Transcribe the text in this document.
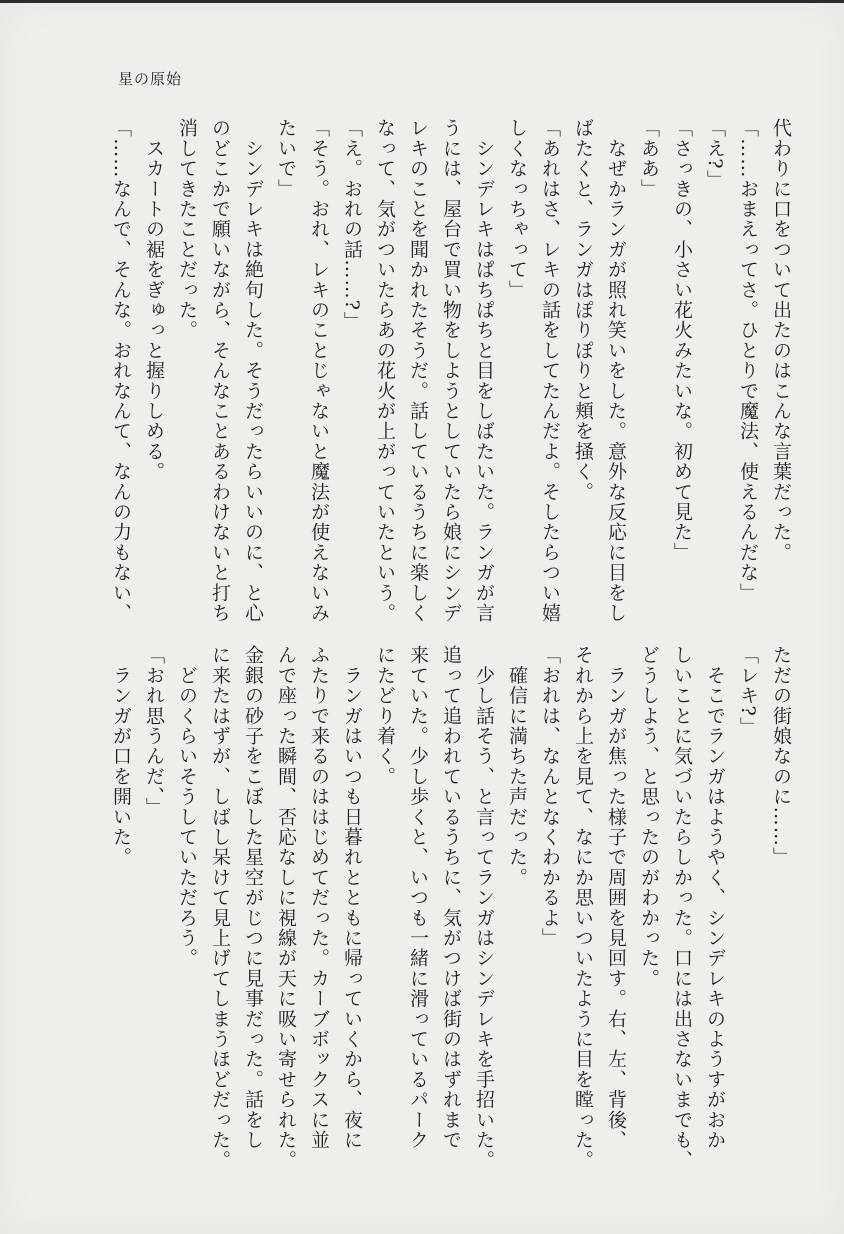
星の原始
代わりに口をついて出たのはこんな言葉だった。
「……おまえってさ。ひとりで魔法、使えるんだな」
「え?」
「さっきの、小さい花火みたいな。初めて見た」
「ああ」
　なぜかランガが照れ笑いをした。意外な反応に目をし
ばたくと、ランガはぽりぽりと頬を掻く。
「あれはさ、レキの話をしてたんだよ。そしたらつい嬉
しくなっちゃって」
　シンデレキはぱちぱちと目をしばたいた。ランガが言
うには、屋台で買い物をしようとしていたら娘にシンデ
レキのことを聞かれたそうだ。話しているうちに楽しく
なって、気がついたらあの花火が上がっていたという。
「え。おれの話……?」
「そう。おれ、レキのことじゃないと魔法が使えないみ
たいで」
　シンデレキは絶句した。そうだったらいいのに、と心
のどこかで願いながら、そんなことあるわけないと打ち
消してきたことだった。
　スカートの裾をぎゅっと握りしめる。
「……なんで、そんな。おれなんて、なんの力もない、
ただの街娘なのに……」
「レキ?」
　そこでランガはようやく、シンデレキのようすがおか
しいことに気づいたらしかった。口には出さないまでも、
どうしよう、と思ったのがわかった。
　ランガが焦った様子で周囲を見回す。右、左、背後、
それから上を見て、なにか思いついたように目を瞠った。
「おれは、なんとなくわかるよ」
　確信に満ちた声だった。
　少し話そう、と言ってランガはシンデレキを手招いた。
追って追われているうちに、気がつけば街のはずれまで
来ていた。少し歩くと、いつも一緒に滑っているパーク
にたどり着く。
　ランガはいつも日暮れとともに帰っていくから、夜に
ふたりで来るのははじめてだった。カーブボックスに並
んで座った瞬間、否応なしに視線が天に吸い寄せられた。
金銀の砂子をこぼした星空がじつに見事だった。話をし
に来たはずが、しばし呆けて見上げてしまうほどだった。
　どのくらいそうしていただろう。
「おれ思うんだ、」
　ランガが口を開いた。
